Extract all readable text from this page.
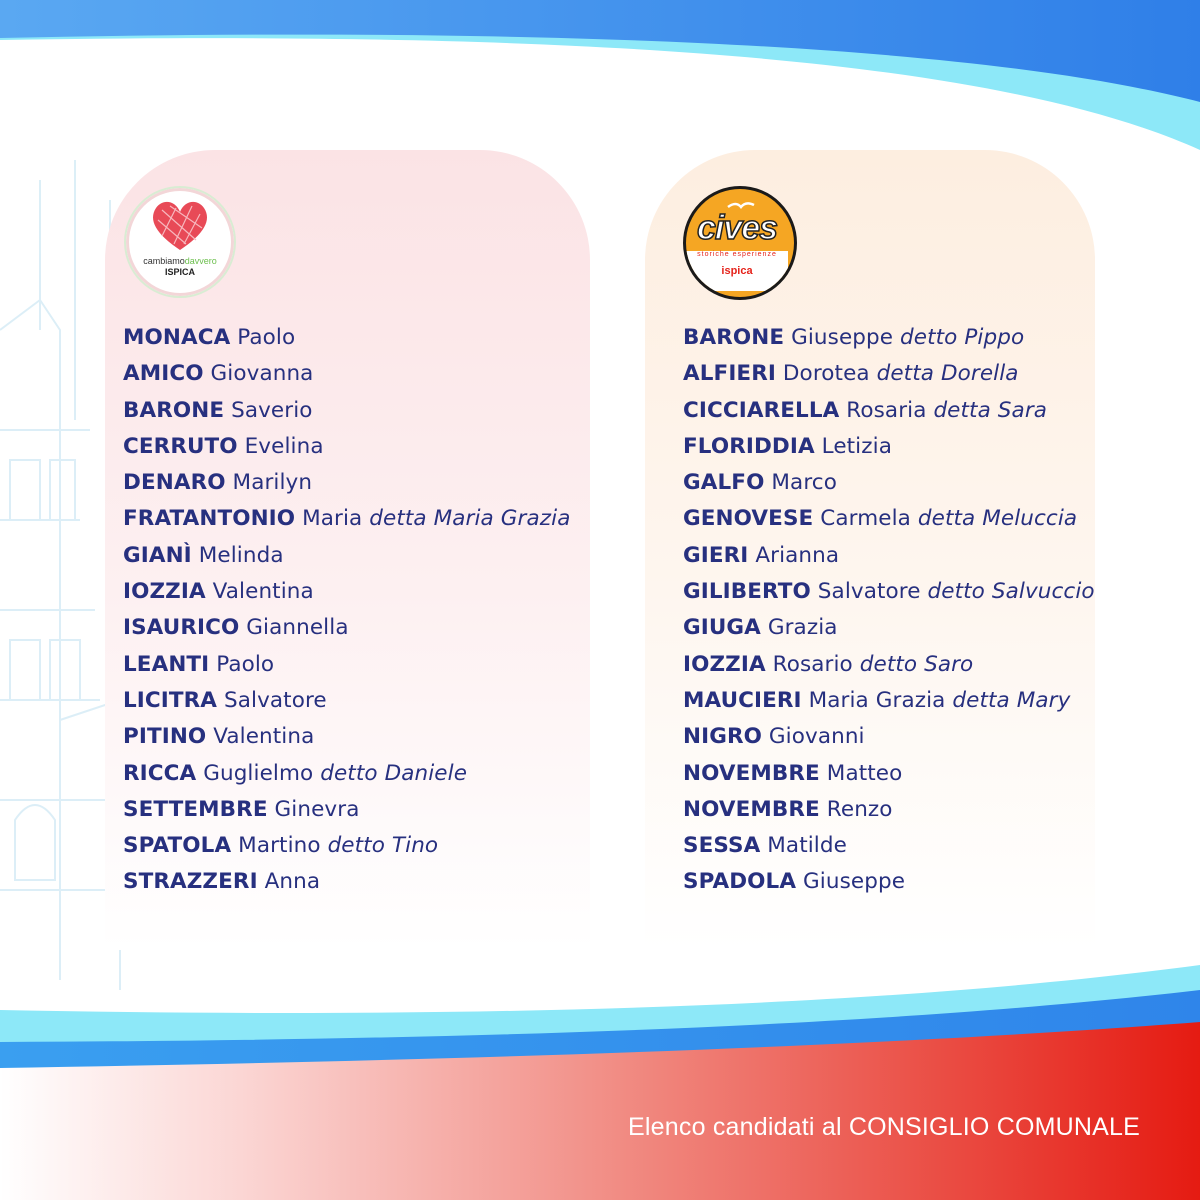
cambiamodavvero
ISPICA
cives
storiche esperienze
ispica
MONACA Paolo
AMICO Giovanna
BARONE Saverio
CERRUTO Evelina
DENARO Marilyn
FRATANTONIO Maria detta Maria Grazia
GIANÌ Melinda
IOZZIA Valentina
ISAURICO Giannella
LEANTI Paolo
LICITRA Salvatore
PITINO Valentina
RICCA Guglielmo detto Daniele
SETTEMBRE Ginevra
SPATOLA Martino detto Tino
STRAZZERI Anna
BARONE Giuseppe detto Pippo
ALFIERI Dorotea detta Dorella
CICCIARELLA Rosaria detta Sara
FLORIDDIA Letizia
GALFO Marco
GENOVESE Carmela detta Meluccia
GIERI Arianna
GILIBERTO Salvatore detto Salvuccio
GIUGA Grazia
IOZZIA Rosario detto Saro
MAUCIERI Maria Grazia detta Mary
NIGRO Giovanni
NOVEMBRE Matteo
NOVEMBRE Renzo
SESSA Matilde
SPADOLA Giuseppe
Elenco candidati al CONSIGLIO COMUNALE
